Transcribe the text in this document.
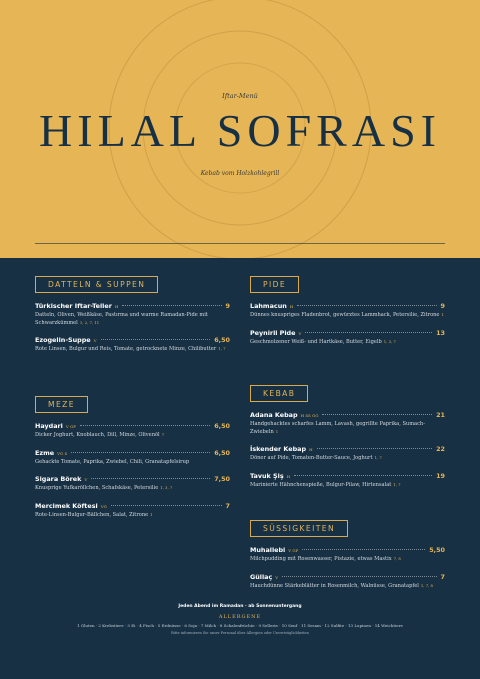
Iftar-Menü
HILAL SOFRASI
Kebab vom Holzkohlegrill
DATTELN & SUPPEN
Türkischer Iftar-Teller H	9
Datteln, Oliven, Weißkäse, Pastırma und warme Ramadan-Pide mit Schwarzkümmel 1, 2, 7, 11
Ezogelin-Suppe V	6,50
Rote Linsen, Bulgur und Reis, Tomate, getrocknete Minze, Chilibutter 1, 7
MEZE
Haydari V GF	6,50
Dicker Joghurt, Knoblauch, Dill, Minze, Olivenöl 7
Ezme VG S	6,50
Gehackte Tomate, Paprika, Zwiebel, Chili, Granatapfelsirup
Sigara Börek V	7,50
Knusprige Yufkaröllchen, Schafskäse, Petersilie 1, 3, 7
Mercimek Köftesi VG	7
Rote-Linsen-Bulgur-Bällchen, Salat, Zitrone 1
PIDE
Lahmacun H	9
Dünnes knuspriges Fladenbrot, gewürztes Lammhack, Petersilie, Zitrone 1
Peynirli Pide V	13
Geschmolzener Weiß- und Hartkäse, Butter, Eigelb 1, 3, 7
KEBAB
Adana Kebap H SS GG	21
Handgehacktes scharfes Lamm, Lavash, gegrillte Paprika, Sumach-Zwiebeln 1
İskender Kebap H	22
Döner auf Pide, Tomaten-Butter-Sauce, Joghurt 1, 7
Tavuk Şiş H	19
Marinierte Hähnchenspieße, Bulgur-Pilaw, Hirtensalat 1, 7
SÜSSIGKEITEN
Muhallebi V GF	5,50
Milchpudding mit Rosenwasser, Pistazie, etwas Mastix 7, 8
Güllaç V	7
Hauchdünne Stärkeblätter in Rosenmilch, Walnüsse, Granatapfel 1, 7, 8
Jeden Abend im Ramadan · ab Sonnenuntergang
ALLERGENE
1 Gluten · 2 Krebstiere · 3 Ei · 4 Fisch · 5 Erdnüsse · 6 Soja · 7 Milch · 8 Schalenfrüchte · 9 Sellerie · 10 Senf · 11 Sesam · 12 Sulfite · 13 Lupinen · 14 Weichtiere
Bitte informieren Sie unser Personal über Allergien oder Unverträglichkeiten
